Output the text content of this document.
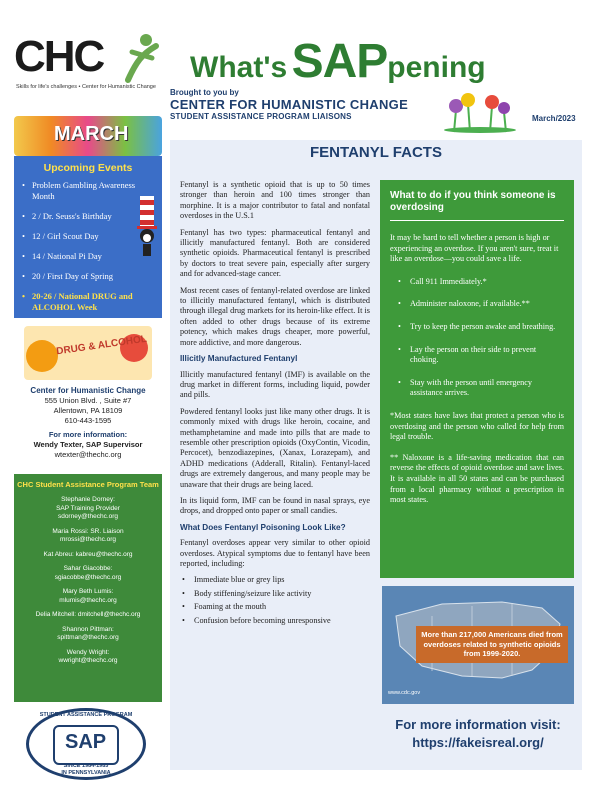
CHC
Skills for life's challenges • Center for Humanistic Change
What's SAPpening
Brought to you by
CENTER FOR HUMANISTIC CHANGE
STUDENT ASSISTANCE PROGRAM LIAISONS	March/2023
MARCH
Upcoming Events
• Problem Gambling Awareness Month
• 2 / Dr. Seuss's Birthday
• 12 / Girl Scout Day
• 14 / National Pi Day
• 20 / First Day of Spring
• 20-26 / National DRUG and ALCOHOL Week
DRUG & ALCOHOL
Center for Humanistic Change
555 Union Blvd. , Suite #7
Allentown, PA 18109
610-443-1595
For more information:
Wendy Texter, SAP Supervisor
wtexter@thechc.org
CHC Student Assistance Program Team
Stephanie Dorney:
SAP Training Provider
sdorney@thechc.org
Maria Rossi: SR. Liaison
mrossi@thechc.org
Kat Abreu: kabreu@thechc.org
Sahar Giacobbe:
sgiacobbe@thechc.org
Mary Beth Lumis:
mlumis@thechc.org
Delia Mitchell: dmitchell@thechc.org
Shannon Pittman:
spittman@thechc.org
Wendy Wright:
wwright@thechc.org
STUDENT ASSISTANCE PROGRAM
SAP
SINCE 1984-1985
IN PENNSYLVANIA
FENTANYL FACTS

Fentanyl is a synthetic opioid that is up to 50 times stronger than heroin and 100 times stronger than morphine. It is a major contributor to fatal and nonfatal overdoses in the U.S.1

Fentanyl has two types: pharmaceutical fentanyl and illicitly manufactured fentanyl. Both are considered synthetic opioids. Pharmaceutical fentanyl is prescribed by doctors to treat severe pain, especially after surgery and for advanced-stage cancer.

Most recent cases of fentanyl-related overdose are linked to illicitly manufactured fentanyl, which is distributed through illegal drug markets for its heroin-like effect. It is often added to other drugs because of its extreme potency, which makes drugs cheaper, more powerful, more addictive, and more dangerous.

Illicitly Manufactured Fentanyl

Illicitly manufactured fentanyl (IMF) is available on the drug market in different forms, including liquid, powder and pills.

Powdered fentanyl looks just like many other drugs. It is commonly mixed with drugs like heroin, cocaine, and methamphetamine and made into pills that are made to resemble other prescription opioids (OxyContin, Vicodin, Percocet), benzodiazepines, (Xanax, Lorazepam), and ADHD medications (Adderall, Ritalin). Fentanyl-laced drugs are extremely dangerous, and many people may be unaware that their drugs are being laced.

In its liquid form, IMF can be found in nasal sprays, eye drops, and dropped onto paper or small candies.

What Does Fentanyl Poisoning Look Like?

Fentanyl overdoses appear very similar to other opioid overdoses. Atypical symptoms due to fentanyl have been reported, including:

• Immediate blue or grey lips
• Body stiffening/seizure like activity
• Foaming at the mouth
• Confusion before becoming unresponsive
What to do if you think someone is overdosing

It may be hard to tell whether a person is high or experiencing an overdose. If you aren't sure, treat it like an overdose—you could save a life.

• Call 911 Immediately.*
• Administer naloxone, if available.**
• Try to keep the person awake and breathing.
• Lay the person on their side to prevent choking.
• Stay with the person until emergency assistance arrives.
*Most states have laws that protect a person who is overdosing and the person who called for help from legal trouble.
** Naloxone is a life-saving medication that can reverse the effects of opioid overdose and save lives. It is available in all 50 states and can be purchased from a local pharmacy without a prescription in most states.
More than 217,000 Americans died from overdoses related to synthetic opioids from 1999-2020.
www.cdc.gov
For more information visit:
https://fakeisreal.org/
